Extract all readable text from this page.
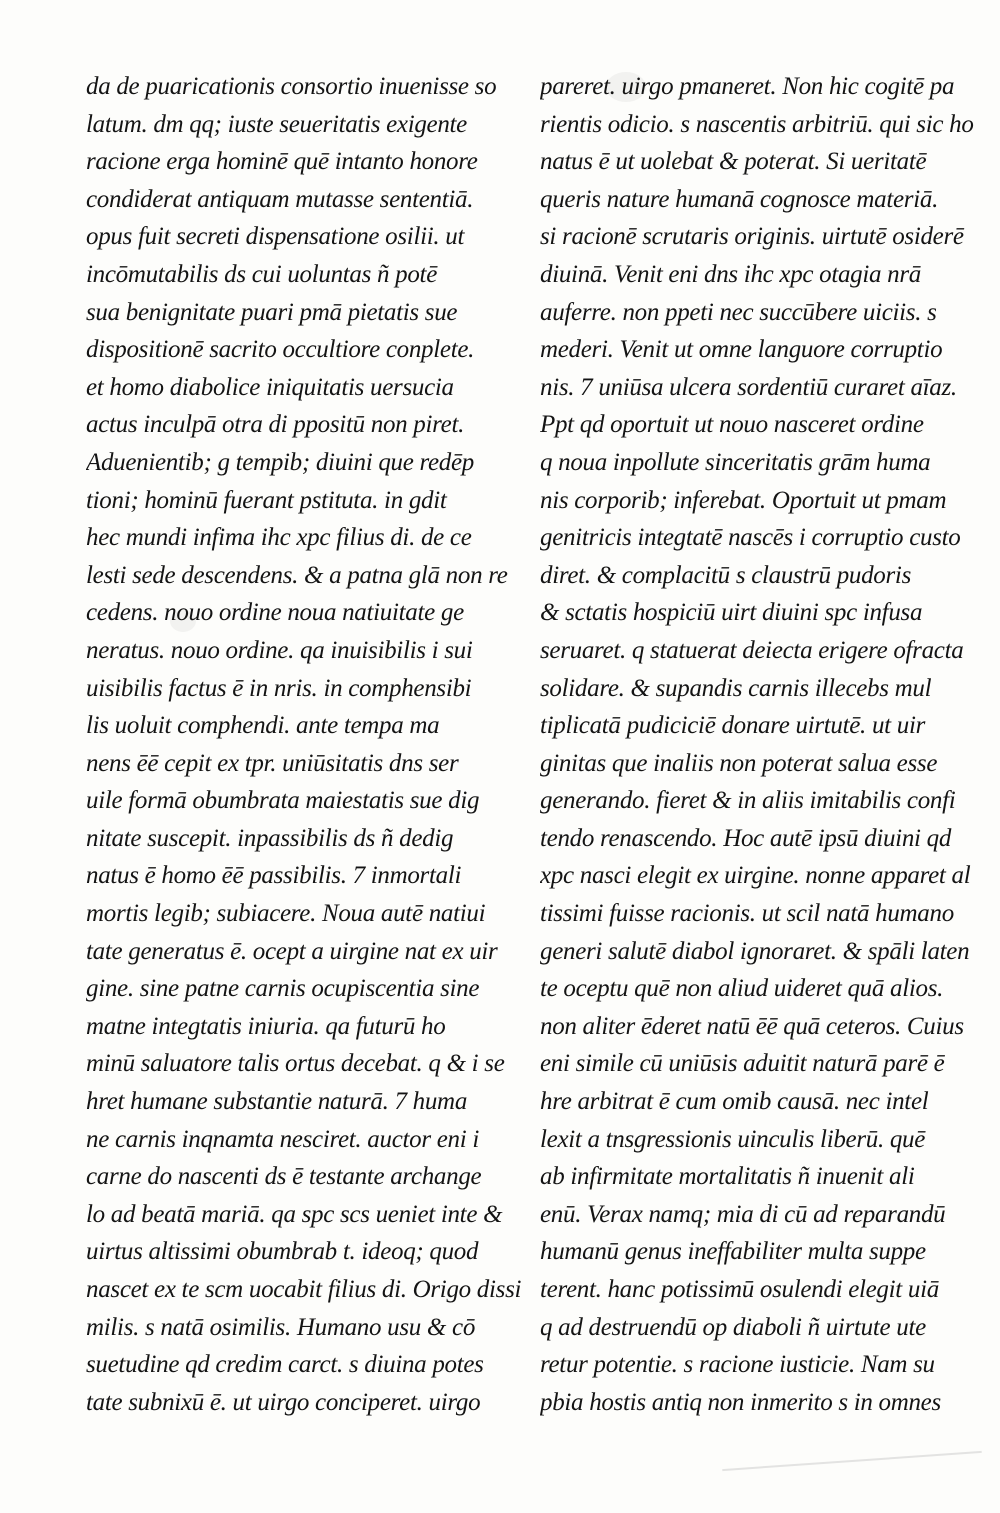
da de puaricationis consortio inuenisse so
latum. dm qq; iuste seueritatis exigente
racione erga hominē quē intanto honore
condiderat antiquam mutasse sententiā.
opus fuit secreti dispensatione osilii. ut
incōmutabilis ds cui uoluntas ñ potē
sua benignitate puari pmā pietatis sue
dispositionē sacrito occultiore conplete.
et homo diabolice iniquitatis uersucia
actus inculpā otra di ppositū non piret.
Aduenientib; g tempib; diuini que redēp
tioni; hominū fuerant pstituta. in gdit
hec mundi infima ihc xpc filius di. de ce
lesti sede descendens. & a patna glā non re
cedens. nouo ordine noua natiuitate ge
neratus. nouo ordine. qa inuisibilis i sui
uisibilis factus ē in nris. in comphensibi
lis uoluit comphendi. ante tempa ma
nens ēē cepit ex tpr. uniūsitatis dns ser
uile formā obumbrata maiestatis sue dig
nitate suscepit. inpassibilis ds ñ dedig
natus ē homo ēē passibilis. 7 inmortali
mortis legib; subiacere. Noua autē natiui
tate generatus ē. ocept a uirgine nat ex uir
gine. sine patne carnis ocupiscentia sine
matne integtatis iniuria. qa futurū ho
minū saluatore talis ortus decebat. q & i se
hret humane substantie naturā. 7 huma
ne carnis inqnamta nesciret. auctor eni i
carne do nascenti ds ē testante archange
lo ad beatā mariā. qa spc scs ueniet inte &
uirtus altissimi obumbrab t. ideoq; quod
nascet ex te scm uocabit filius di. Origo dissi
milis. s natā osimilis. Humano usu & cō
suetudine qd credim carct. s diuina potes
tate subnixū ē. ut uirgo conciperet. uirgo
pareret. uirgo pmaneret. Non hic cogitē pa
rientis odicio. s nascentis arbitriū. qui sic ho
natus ē ut uolebat & poterat. Si ueritatē
queris nature humanā cognosce materiā.
si racionē scrutaris originis. uirtutē osiderē
diuinā. Venit eni dns ihc xpc otagia nrā
auferre. non ppeti nec succūbere uiciis. s
mederi. Venit ut omne languore corruptio
nis. 7 uniūsa ulcera sordentiū curaret aīaz.
Ppt qd oportuit ut nouo nasceret ordine
q noua inpollute sinceritatis grām huma
nis corporib; inferebat. Oportuit ut pmam
genitricis integtatē nascēs i corruptio custo
diret. & complacitū s claustrū pudoris
& sctatis hospiciū uirt diuini spc infusa
seruaret. q statuerat deiecta erigere ofracta
solidare. & supandis carnis illecebs mul
tiplicatā pudiciciē donare uirtutē. ut uir
ginitas que inaliis non poterat salua esse
generando. fieret & in aliis imitabilis confi
tendo renascendo. Hoc autē ipsū diuini qd
xpc nasci elegit ex uirgine. nonne apparet al
tissimi fuisse racionis. ut scil natā humano
generi salutē diabol ignoraret. & spāli laten
te oceptu quē non aliud uideret quā alios.
non aliter ēderet natū ēē quā ceteros. Cuius
eni simile cū uniūsis aduitit naturā parē ē
hre arbitrat ē cum omib causā. nec intel
lexit a tnsgressionis uinculis liberū. quē
ab infirmitate mortalitatis ñ inuenit ali
enū. Verax namq; mia di cū ad reparandū
humanū genus ineffabiliter multa suppe
terent. hanc potissimū osulendi elegit uiā
q ad destruendū op diaboli ñ uirtute ute
retur potentie. s racione iusticie. Nam su
pbia hostis antiq non inmerito s in omnes
